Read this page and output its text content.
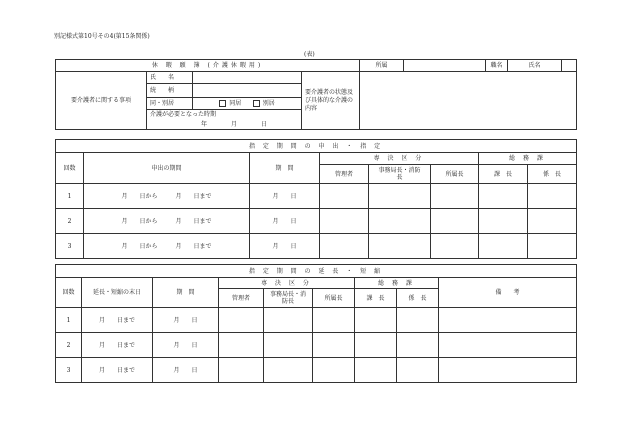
別記様式第10号その4(第15条関係)
(表)
休 暇 願 簿 (介護休暇用)				所属		職名	氏名	
要介護者に関する事項	氏　　名		要介護者の状態及び具体的な介護の内容					
	続　　柄							
	同・別居	同居 別居						
	介護が必要となった時期							
	年　　　　月　　　　日							
指 定 期 間 の 申 出 ・ 指 定							
回数	申出の期間	期　間	専 決 区 分			総 務 課	
			管理者	事務局長・消防長	所属長	課　長	係　長
1	月　　日から　　　月　　日まで	月　　日					
2	月　　日から　　　月　　日まで	月　　日					
3	月　　日から　　　月　　日まで	月　　日					
指 定 期 間 の 延 長 ・ 短 縮								
回数	延長・短縮の末日	期　間	専 決 区 分			総 務 課		備　　考
			管理者	事務局長・消防長	所属長	課　長	係　長	
1	月　　日まで	月　　日						
2	月　　日まで	月　　日						
3	月　　日まで	月　　日						
